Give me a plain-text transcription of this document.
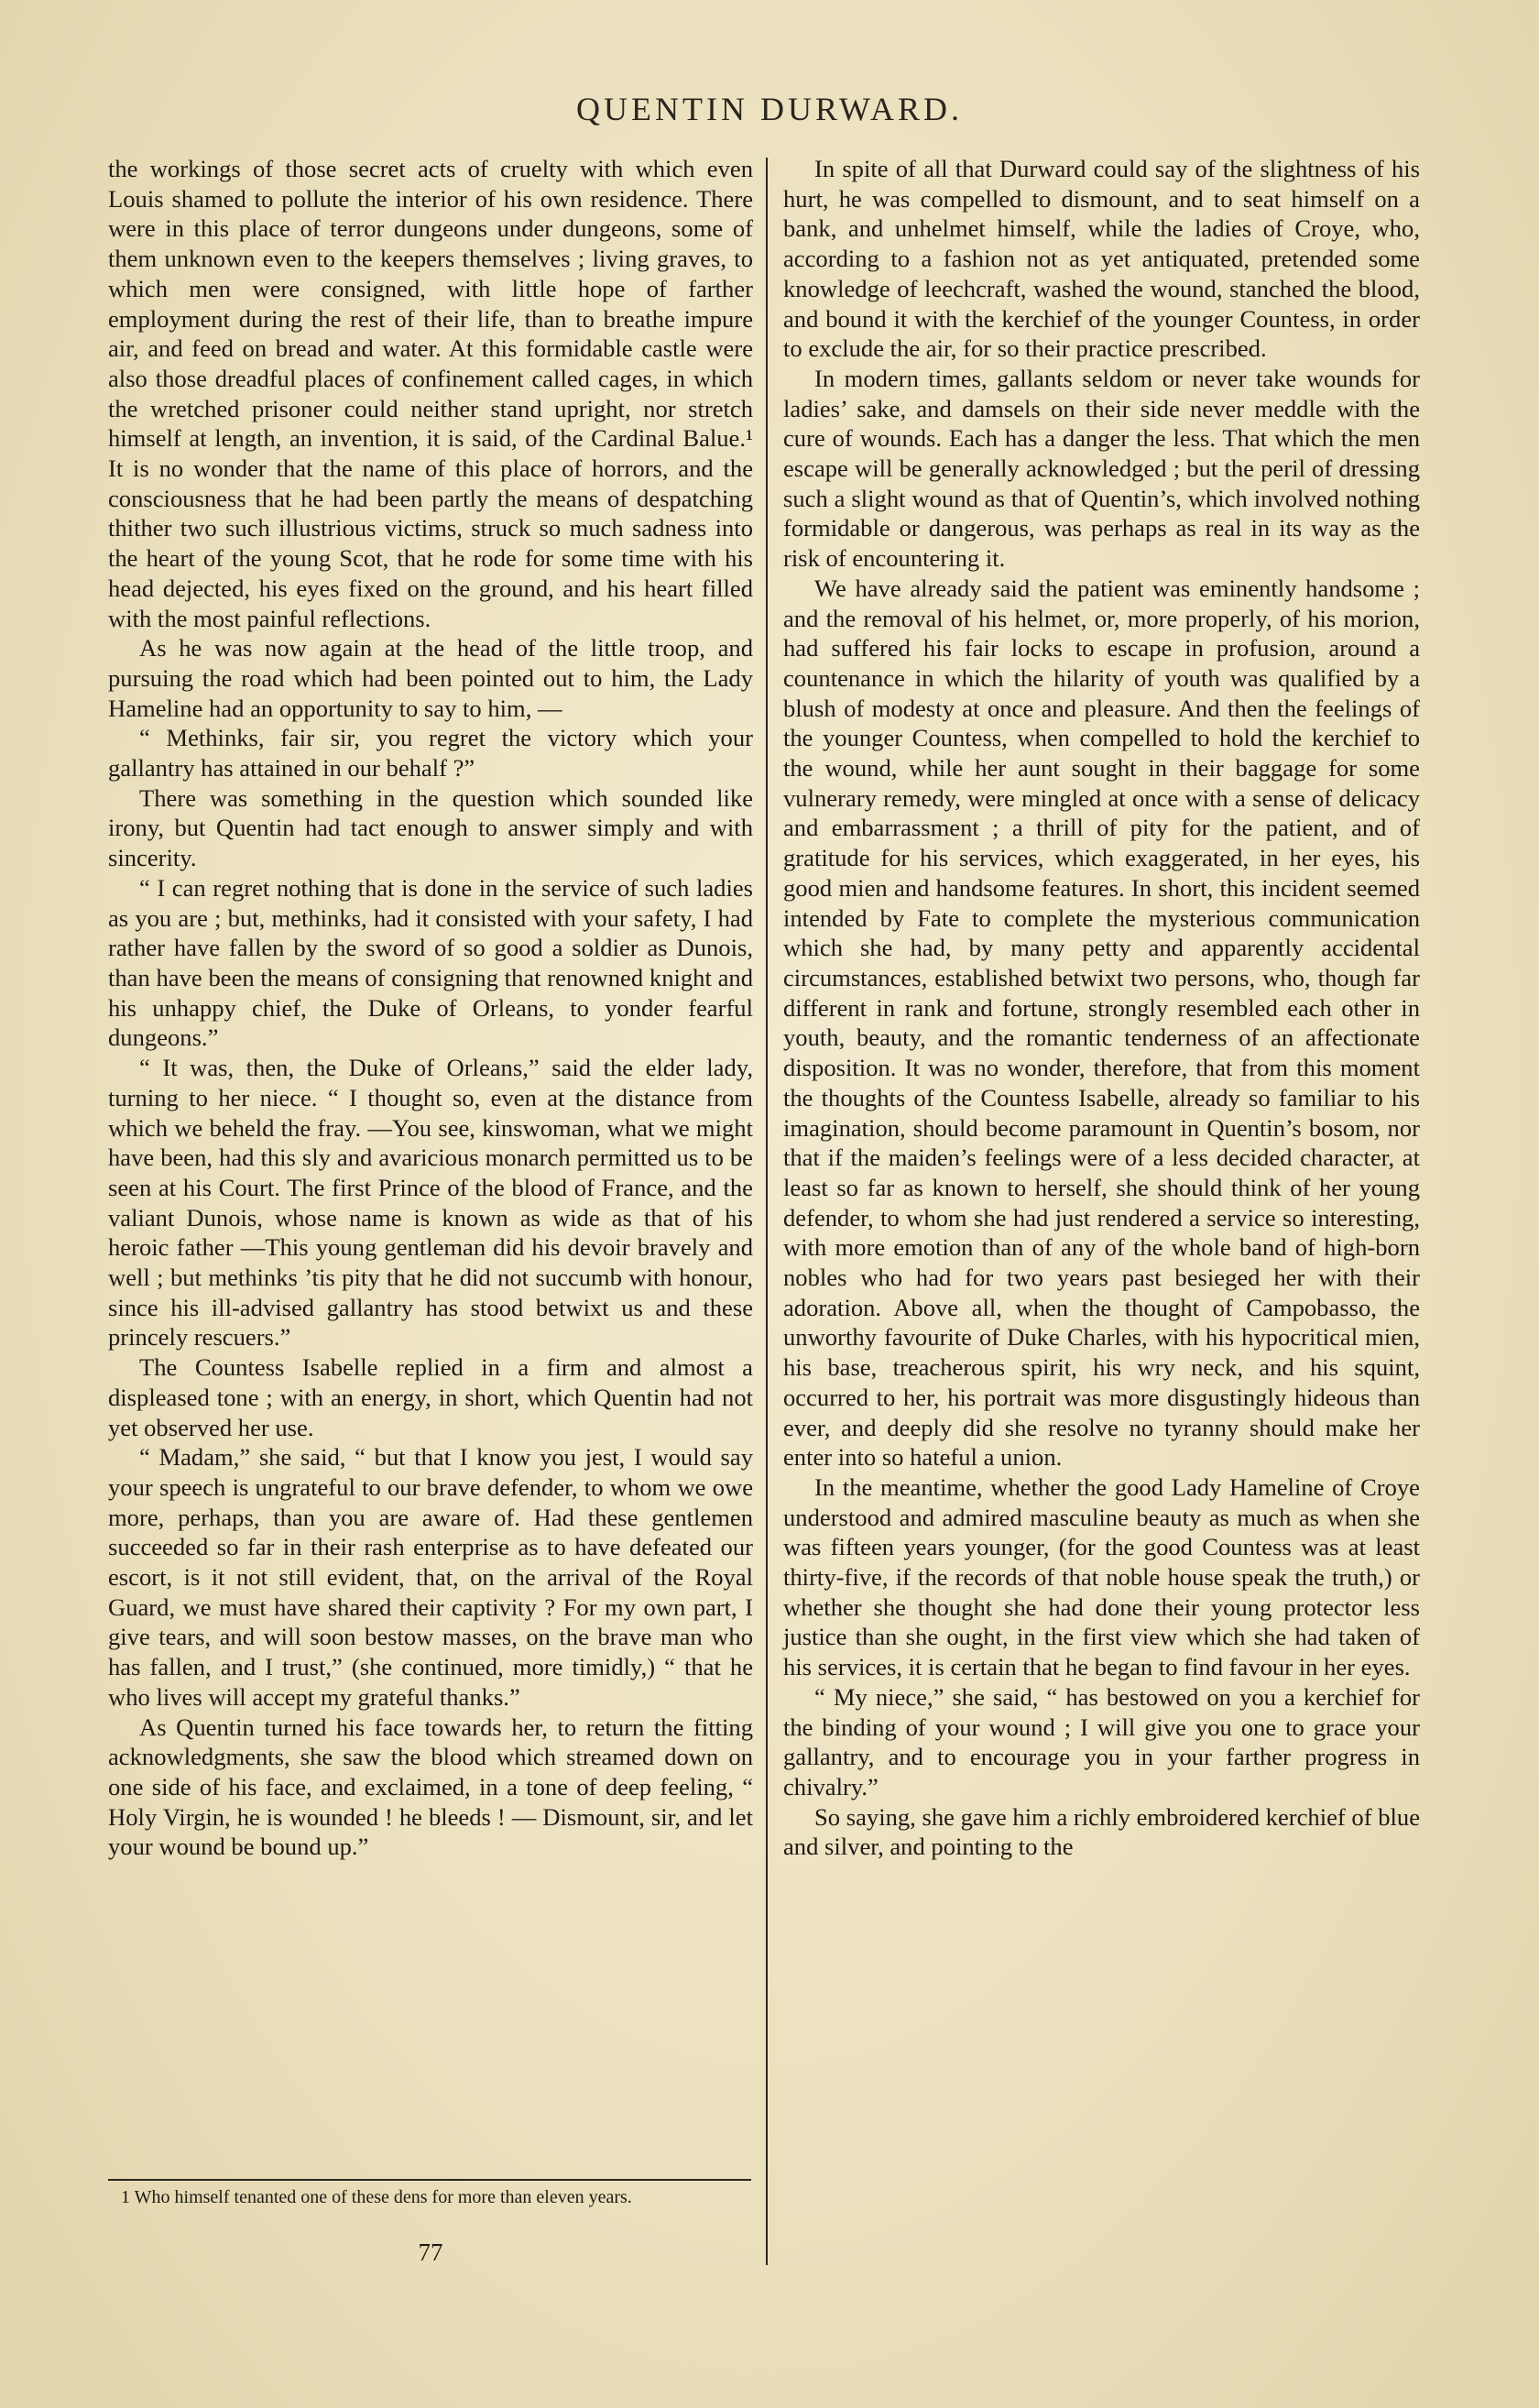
QUENTIN DURWARD.

the workings of those secret acts of cruelty with which even Louis shamed to pollute the interior of his own residence. There were in this place of terror dungeons under dungeons, some of them unknown even to the keepers themselves ; living graves, to which men were consigned, with little hope of farther employment during the rest of their life, than to breathe impure air, and feed on bread and water. At this formidable castle were also those dreadful places of confinement called cages, in which the wretched prisoner could neither stand upright, nor stretch himself at length, an invention, it is said, of the Cardinal Balue.¹ It is no wonder that the name of this place of horrors, and the consciousness that he had been partly the means of despatching thither two such illustrious victims, struck so much sadness into the heart of the young Scot, that he rode for some time with his head dejected, his eyes fixed on the ground, and his heart filled with the most painful reflections.

As he was now again at the head of the little troop, and pursuing the road which had been pointed out to him, the Lady Hameline had an opportunity to say to him, —

“ Methinks, fair sir, you regret the victory which your gallantry has attained in our behalf ?”

There was something in the question which sounded like irony, but Quentin had tact enough to answer simply and with sincerity.

“ I can regret nothing that is done in the service of such ladies as you are ; but, methinks, had it consisted with your safety, I had rather have fallen by the sword of so good a soldier as Dunois, than have been the means of consigning that renowned knight and his unhappy chief, the Duke of Orleans, to yonder fearful dungeons.”

“ It was, then, the Duke of Orleans,” said the elder lady, turning to her niece. “ I thought so, even at the distance from which we beheld the fray. —You see, kinswoman, what we might have been, had this sly and avaricious monarch permitted us to be seen at his Court. The first Prince of the blood of France, and the valiant Dunois, whose name is known as wide as that of his heroic father —This young gentleman did his devoir bravely and well ; but methinks ’tis pity that he did not succumb with honour, since his ill-advised gallantry has stood betwixt us and these princely rescuers.”

The Countess Isabelle replied in a firm and almost a displeased tone ; with an energy, in short, which Quentin had not yet observed her use.

“ Madam,” she said, “ but that I know you jest, I would say your speech is ungrateful to our brave defender, to whom we owe more, perhaps, than you are aware of. Had these gentlemen succeeded so far in their rash enterprise as to have defeated our escort, is it not still evident, that, on the arrival of the Royal Guard, we must have shared their captivity ? For my own part, I give tears, and will soon bestow masses, on the brave man who has fallen, and I trust,” (she continued, more timidly,) “ that he who lives will accept my grateful thanks.”

As Quentin turned his face towards her, to return the fitting acknowledgments, she saw the blood which streamed down on one side of his face, and exclaimed, in a tone of deep feeling, “ Holy Virgin, he is wounded ! he bleeds ! — Dismount, sir, and let your wound be bound up.”

In spite of all that Durward could say of the slightness of his hurt, he was compelled to dismount, and to seat himself on a bank, and unhelmet himself, while the ladies of Croye, who, according to a fashion not as yet antiquated, pretended some knowledge of leechcraft, washed the wound, stanched the blood, and bound it with the kerchief of the younger Countess, in order to exclude the air, for so their practice prescribed.

In modern times, gallants seldom or never take wounds for ladies’ sake, and damsels on their side never meddle with the cure of wounds. Each has a danger the less. That which the men escape will be generally acknowledged ; but the peril of dressing such a slight wound as that of Quentin’s, which involved nothing formidable or dangerous, was perhaps as real in its way as the risk of encountering it.

We have already said the patient was eminently handsome ; and the removal of his helmet, or, more properly, of his morion, had suffered his fair locks to escape in profusion, around a countenance in which the hilarity of youth was qualified by a blush of modesty at once and pleasure. And then the feelings of the younger Countess, when compelled to hold the kerchief to the wound, while her aunt sought in their baggage for some vulnerary remedy, were mingled at once with a sense of delicacy and embarrassment ; a thrill of pity for the patient, and of gratitude for his services, which exaggerated, in her eyes, his good mien and handsome features. In short, this incident seemed intended by Fate to complete the mysterious communication which she had, by many petty and apparently accidental circumstances, established betwixt two persons, who, though far different in rank and fortune, strongly resembled each other in youth, beauty, and the romantic tenderness of an affectionate disposition. It was no wonder, therefore, that from this moment the thoughts of the Countess Isabelle, already so familiar to his imagination, should become paramount in Quentin’s bosom, nor that if the maiden’s feelings were of a less decided character, at least so far as known to herself, she should think of her young defender, to whom she had just rendered a service so interesting, with more emotion than of any of the whole band of high-born nobles who had for two years past besieged her with their adoration. Above all, when the thought of Campobasso, the unworthy favourite of Duke Charles, with his hypocritical mien, his base, treacherous spirit, his wry neck, and his squint, occurred to her, his portrait was more disgustingly hideous than ever, and deeply did she resolve no tyranny should make her enter into so hateful a union.

In the meantime, whether the good Lady Hameline of Croye understood and admired masculine beauty as much as when she was fifteen years younger, (for the good Countess was at least thirty-five, if the records of that noble house speak the truth,) or whether she thought she had done their young protector less justice than she ought, in the first view which she had taken of his services, it is certain that he began to find favour in her eyes.

“ My niece,” she said, “ has bestowed on you a kerchief for the binding of your wound ; I will give you one to grace your gallantry, and to encourage you in your farther progress in chivalry.”

So saying, she gave him a richly embroidered kerchief of blue and silver, and pointing to the

1 Who himself tenanted one of these dens for more than eleven years.
77
